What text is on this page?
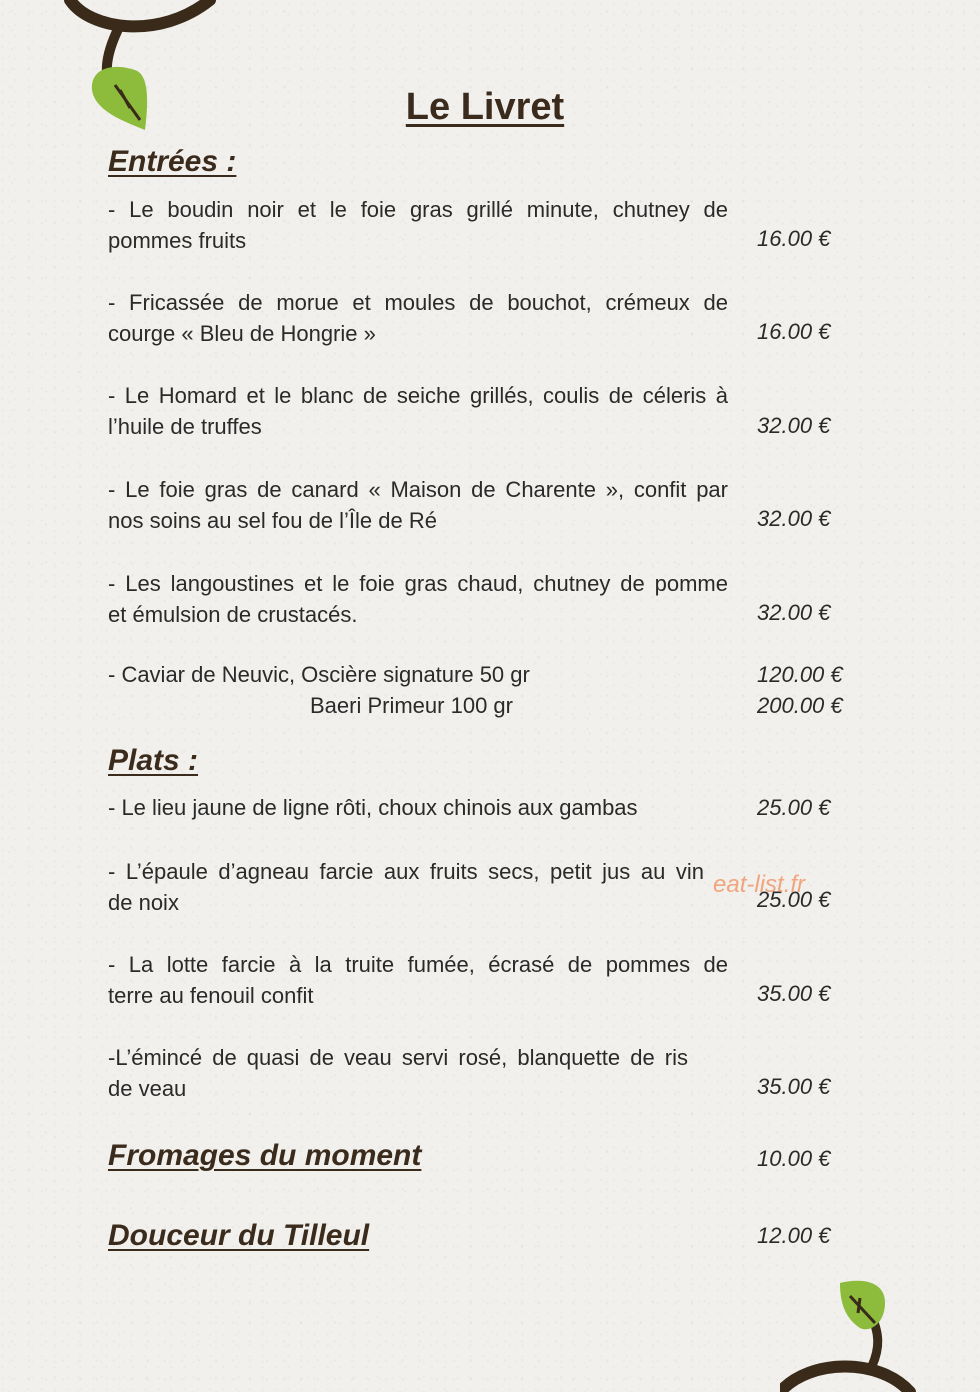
Le Livret
Entrées :

- Le boudin noir et le foie gras grillé minute, chutney de
pommes fruits	16.00 €

- Fricassée de morue et moules de bouchot, crémeux de
courge « Bleu de Hongrie »	16.00 €

- Le Homard et le blanc de seiche grillés, coulis de céleris à
l’huile de truffes	32.00 €

- Le foie gras de canard « Maison de Charente », confit par
nos soins au sel fou de l’Île de Ré	32.00 €

- Les langoustines et le foie gras chaud, chutney de pomme
et émulsion de crustacés.	32.00 €

- Caviar de Neuvic, Oscière signature 50 gr	120.00 €

Baeri Primeur 100 gr	200.00 €

Plats :

- Le lieu jaune de ligne rôti, choux chinois aux gambas	25.00 €

- L’épaule d’agneau farcie aux fruits secs, petit jus au vin
de noix	25.00 €

- La lotte farcie à la truite fumée, écrasé de pommes de
terre au fenouil confit	35.00 €

-L’émincé de quasi de veau servi rosé, blanquette de ris
de veau	35.00 €

Fromages du moment	10.00 €

Douceur du Tilleul	12.00 €

eat-list.fr
